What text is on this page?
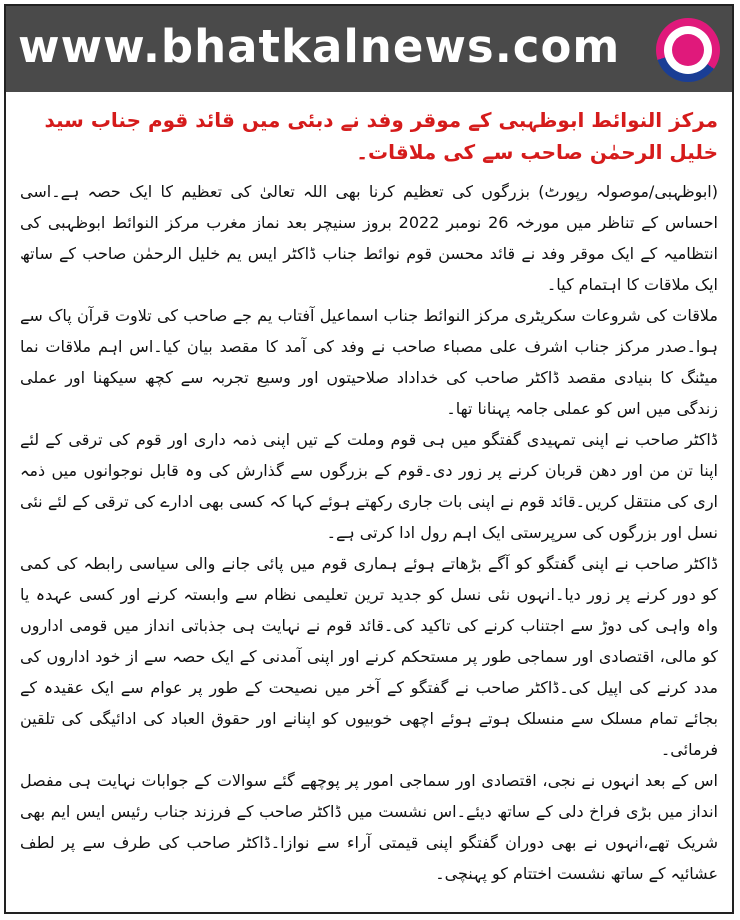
www.bhatkalnews.com
مرکز النوائط ابوظہبی کے موقر وفد نے دبئی میں قائد قوم جناب سید خلیل الرحمٰن صاحب سے کی ملاقات۔

(ابوظہبی/موصولہ رپورٹ) بزرگوں کی تعظیم کرنا بھی اللہ تعالیٰ کی تعظیم کا ایک حصہ ہے۔اسی احساس کے تناظر میں مورخہ 26 نومبر 2022 بروز سنیچر بعد نماز مغرب مرکز النوائط ابوظہبی کی انتظامیہ کے ایک موقر وفد نے قائد محسن قوم نوائط جناب ڈاکٹر ایس یم خلیل الرحمٰن صاحب کے ساتھ ایک ملاقات کا اہتمام کیا۔

ملاقات کی شروعات سکریٹری مرکز النوائط جناب اسماعیل آفتاب یم جے صاحب کی تلاوت قرآن پاک سے ہوا۔صدر مرکز جناب اشرف علی مصباء صاحب نے وفد کی آمد کا مقصد بیان کیا۔اس اہم ملاقات نما میٹنگ کا بنیادی مقصد ڈاکٹر صاحب کی خداداد صلاحیتوں اور وسیع تجربہ سے کچھ سیکھنا اور عملی زندگی میں اس کو عملی جامہ پہنانا تھا۔

ڈاکٹر صاحب نے اپنی تمہیدی گفتگو میں ہی قوم وملت کے تیں اپنی ذمہ داری اور قوم کی ترقی کے لئے اپنا تن من اور دھن قربان کرنے پر زور دی۔قوم کے بزرگوں سے گذارش کی وہ قابل نوجوانوں میں ذمہ اری کی منتقل کریں۔قائد قوم نے اپنی بات جاری رکھتے ہوئے کہا کہ کسی بھی ادارے کی ترقی کے لئے نئی نسل اور بزرگوں کی سرپرستی ایک اہم رول ادا کرتی ہے۔

ڈاکٹر صاحب نے اپنی گفتگو کو آگے بڑھاتے ہوئے ہماری قوم میں پائی جانے والی سیاسی رابطہ کی کمی کو دور کرنے پر زور دیا۔انہوں نئی نسل کو جدید ترین تعلیمی نظام سے وابستہ کرنے اور کسی عہدہ یا واہ واہی کی دوڑ سے اجتناب کرنے کی تاکید کی۔قائد قوم نے نہایت ہی جذباتی انداز میں قومی اداروں کو مالی، اقتصادی اور سماجی طور پر مستحکم کرنے اور اپنی آمدنی کے ایک حصہ سے از خود اداروں کی مدد کرنے کی اپیل کی۔ڈاکٹر صاحب نے گفتگو کے آخر میں نصیحت کے طور پر عوام سے ایک عقیدہ کے بجائے تمام مسلک سے منسلک ہوتے ہوئے اچھی خوبیوں کو اپنانے اور حقوق العباد کی ادائیگی کی تلقین فرمائی۔

اس کے بعد انہوں نے نجی، اقتصادی اور سماجی امور پر پوچھے گئے سوالات کے جوابات نہایت ہی مفصل انداز میں بڑی فراخ دلی کے ساتھ دیئے۔اس نشست میں ڈاکٹر صاحب کے فرزند جناب رئیس ایس ایم بھی شریک تھے،انہوں نے بھی دوران گفتگو اپنی قیمتی آراء سے نوازا۔ڈاکٹر صاحب کی طرف سے پر لطف عشائیہ کے ساتھ نشست اختتام کو پہنچی۔
